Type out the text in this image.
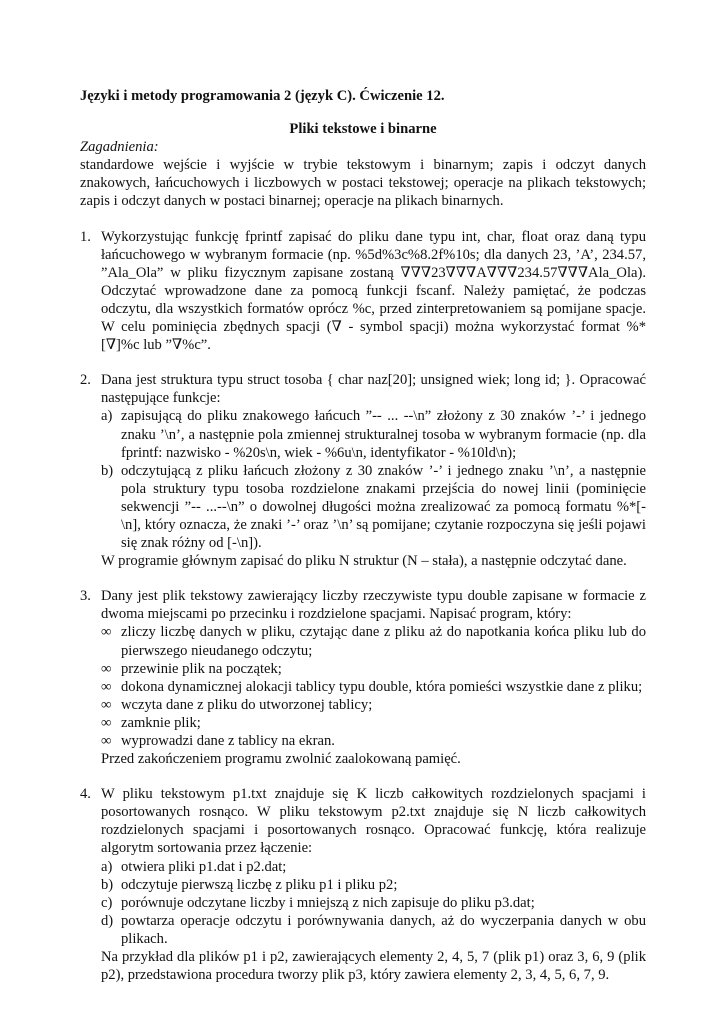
Języki i metody programowania 2 (język C). Ćwiczenie 12.

Pliki tekstowe i binarne

Zagadnienia:

standardowe wejście i wyjście w trybie tekstowym i binarnym; zapis i odczyt danych znakowych, łańcuchowych i liczbowych w postaci tekstowej; operacje na plikach tekstowych; zapis i odczyt danych w postaci binarnej; operacje na plikach binarnych.

1. Wykorzystując funkcję fprintf zapisać do pliku dane typu int, char, float oraz daną typu łańcuchowego w wybranym formacie (np. %5d%3c%8.2f%10s; dla danych 23, ’A’, 234.57, ”Ala_Ola” w pliku fizycznym zapisane zostaną ∇∇∇23∇∇∇A∇∇∇234.57∇∇∇Ala_Ola). Odczytać wprowadzone dane za pomocą funkcji fscanf. Należy pamiętać, że podczas odczytu, dla wszystkich formatów oprócz %c, przed zinterpretowaniem są pomijane spacje. W celu pominięcia zbędnych spacji (∇ - symbol spacji) można wykorzystać format %*[∇]%c lub ”∇%c”.

2. Dana jest struktura typu struct tosoba { char naz[20]; unsigned wiek; long id; }. Opracować następujące funkcje:

a) zapisującą do pliku znakowego łańcuch ”-- ... --\n” złożony z 30 znaków ’-’ i jednego znaku ’\n’, a następnie pola zmiennej strukturalnej tosoba w wybranym formacie (np. dla fprintf: nazwisko - %20s\n, wiek - %6u\n, identyfikator - %10ld\n);

b) odczytującą z pliku łańcuch złożony z 30 znaków ’-’ i jednego znaku ’\n’, a następnie pola struktury typu tosoba rozdzielone znakami przejścia do nowej linii (pominięcie sekwencji ”-- ...--\n” o dowolnej długości można zrealizować za pomocą formatu %*[-\n], który oznacza, że znaki ’-’ oraz ’\n’ są pomijane; czytanie rozpoczyna się jeśli pojawi się znak różny od [-\n]).

W programie głównym zapisać do pliku N struktur (N – stała), a następnie odczytać dane.

3. Dany jest plik tekstowy zawierający liczby rzeczywiste typu double zapisane w formacie z dwoma miejscami po przecinku i rozdzielone spacjami. Napisać program, który:

∞ zliczy liczbę danych w pliku, czytając dane z pliku aż do napotkania końca pliku lub do pierwszego nieudanego odczytu;

∞ przewinie plik na początek;

∞ dokona dynamicznej alokacji tablicy typu double, która pomieści wszystkie dane z pliku;

∞ wczyta dane z pliku do utworzonej tablicy;

∞ zamknie plik;

∞ wyprowadzi dane z tablicy na ekran.

Przed zakończeniem programu zwolnić zaalokowaną pamięć.

4. W pliku tekstowym p1.txt znajduje się K liczb całkowitych rozdzielonych spacjami i posortowanych rosnąco. W pliku tekstowym p2.txt znajduje się N liczb całkowitych rozdzielonych spacjami i posortowanych rosnąco. Opracować funkcję, która realizuje algorytm sortowania przez łączenie:

a) otwiera pliki p1.dat i p2.dat;

b) odczytuje pierwszą liczbę z pliku p1 i pliku p2;

c) porównuje odczytane liczby i mniejszą z nich zapisuje do pliku p3.dat;

d) powtarza operacje odczytu i porównywania danych, aż do wyczerpania danych w obu plikach.

Na przykład dla plików p1 i p2, zawierających elementy 2, 4, 5, 7 (plik p1) oraz 3, 6, 9 (plik p2), przedstawiona procedura tworzy plik p3, który zawiera elementy 2, 3, 4, 5, 6, 7, 9.
